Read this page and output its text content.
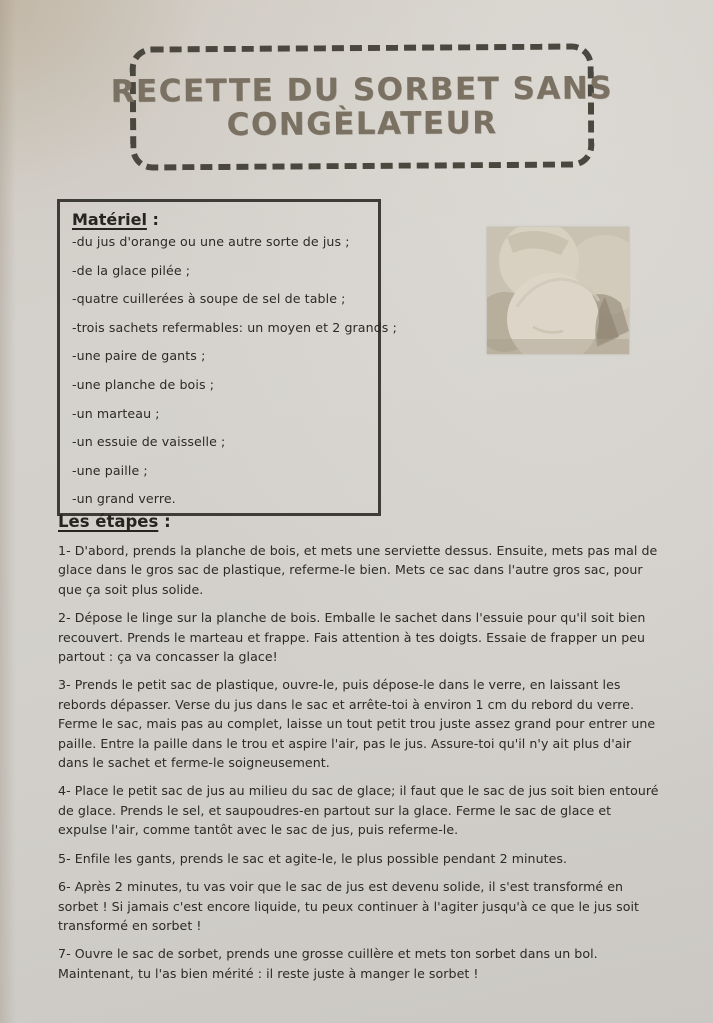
RECETTE DU SORBET SANS
CONGÈLATEUR
Matériel :
-du jus d'orange ou une autre sorte de jus ;
-de la glace pilée ;
-quatre cuillerées à soupe de sel de table ;
-trois sachets refermables: un moyen et 2 grands ;
-une paire de gants ;
-une planche de bois ;
-un marteau ;
-un essuie de vaisselle ;
-une paille ;
-un grand verre.
Les étapes :

1- D'abord, prends la planche de bois, et mets une serviette dessus. Ensuite, mets pas mal de glace dans le gros sac de plastique, referme-le bien. Mets ce sac dans l'autre gros sac, pour que ça soit plus solide.

2- Dépose le linge sur la planche de bois. Emballe le sachet dans l'essuie pour qu'il soit bien recouvert. Prends le marteau et frappe. Fais attention à tes doigts. Essaie de frapper un peu partout : ça va concasser la glace!

3- Prends le petit sac de plastique, ouvre-le, puis dépose-le dans le verre, en laissant les rebords dépasser. Verse du jus dans le sac et arrête-toi à environ 1 cm du rebord du verre. Ferme le sac, mais pas au complet, laisse un tout petit trou juste assez grand pour entrer une paille. Entre la paille dans le trou et aspire l'air, pas le jus. Assure-toi qu'il n'y ait plus d'air dans le sachet et ferme-le soigneusement.

4- Place le petit sac de jus au milieu du sac de glace; il faut que le sac de jus soit bien entouré de glace. Prends le sel, et saupoudres-en partout sur la glace. Ferme le sac de glace et expulse l'air, comme tantôt avec le sac de jus, puis referme-le.

5- Enfile les gants, prends le sac et agite-le, le plus possible pendant 2 minutes.

6- Après 2 minutes, tu vas voir que le sac de jus est devenu solide, il s'est transformé en sorbet ! Si jamais c'est encore liquide, tu peux continuer à l'agiter jusqu'à ce que le jus soit transformé en sorbet !

7- Ouvre le sac de sorbet, prends une grosse cuillère et mets ton sorbet dans un bol. Maintenant, tu l'as bien mérité : il reste juste à manger le sorbet !
